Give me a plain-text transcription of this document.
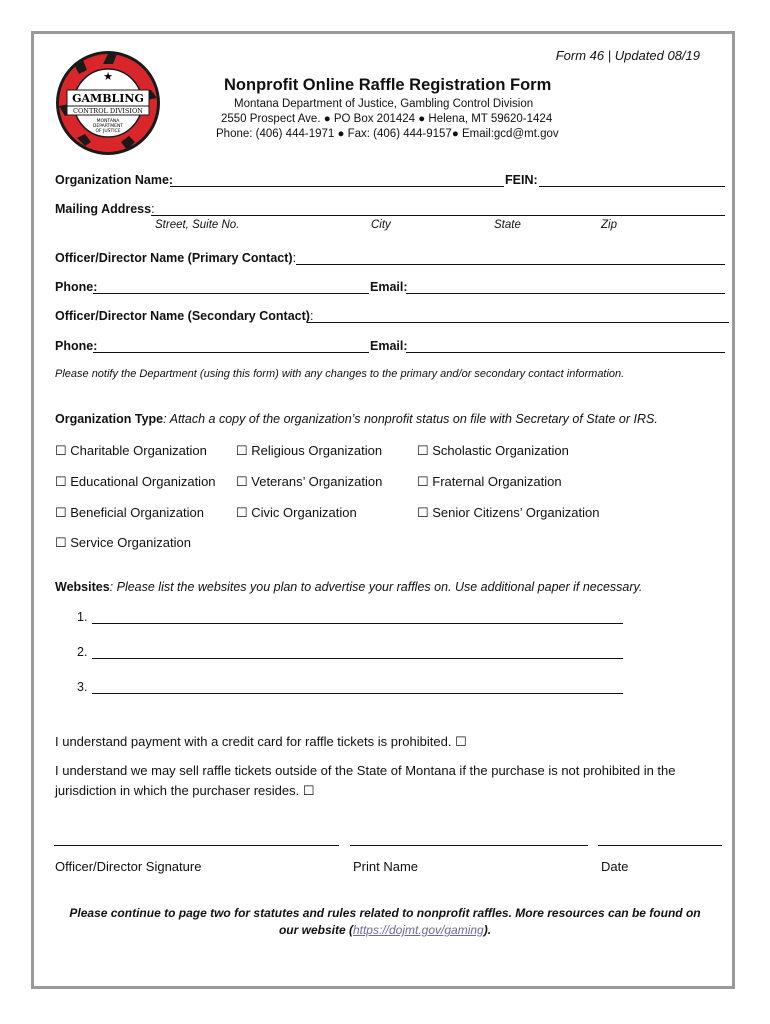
★
GAMBLING
CONTROL DIVISION
MONTANA
DEPARTMENT
OF JUSTICE
Form 46 | Updated 08/19
Nonprofit Online Raffle Registration Form
Montana Department of Justice, Gambling Control Division
2550 Prospect Ave. ● PO Box 201424 ● Helena, MT 59620-1424
Phone: (406) 444-1971 ● Fax: (406) 444-9157● Email:gcd@mt.gov
Organization Name:	FEIN:
Mailing Address:
Street, Suite No.	City	State	Zip
Officer/Director Name (Primary Contact):
Phone:	Email:
Officer/Director Name (Secondary Contact):
Phone:	Email:
Please notify the Department (using this form) with any changes to the primary and/or secondary contact information.
Organization Type: Attach a copy of the organization’s nonprofit status on file with Secretary of State or IRS.
☐ Charitable Organization ☐ Religious Organization	☐ Scholastic Organization
☐ Educational Organization ☐ Veterans’ Organization	☐ Fraternal Organization
☐ Beneficial Organization ☐ Civic Organization	☐ Senior Citizens’ Organization
☐ Service Organization
Websites: Please list the websites you plan to advertise your raffles on. Use additional paper if necessary.
1.
2.
3.
I understand payment with a credit card for raffle tickets is prohibited. ☐
I understand we may sell raffle tickets outside of the State of Montana if the purchase is not prohibited in the
jurisdiction in which the purchaser resides. ☐
Officer/Director Signature	Print Name	Date
Please continue to page two for statutes and rules related to nonprofit raffles. More resources can be found on
our website (https://dojmt.gov/gaming).
